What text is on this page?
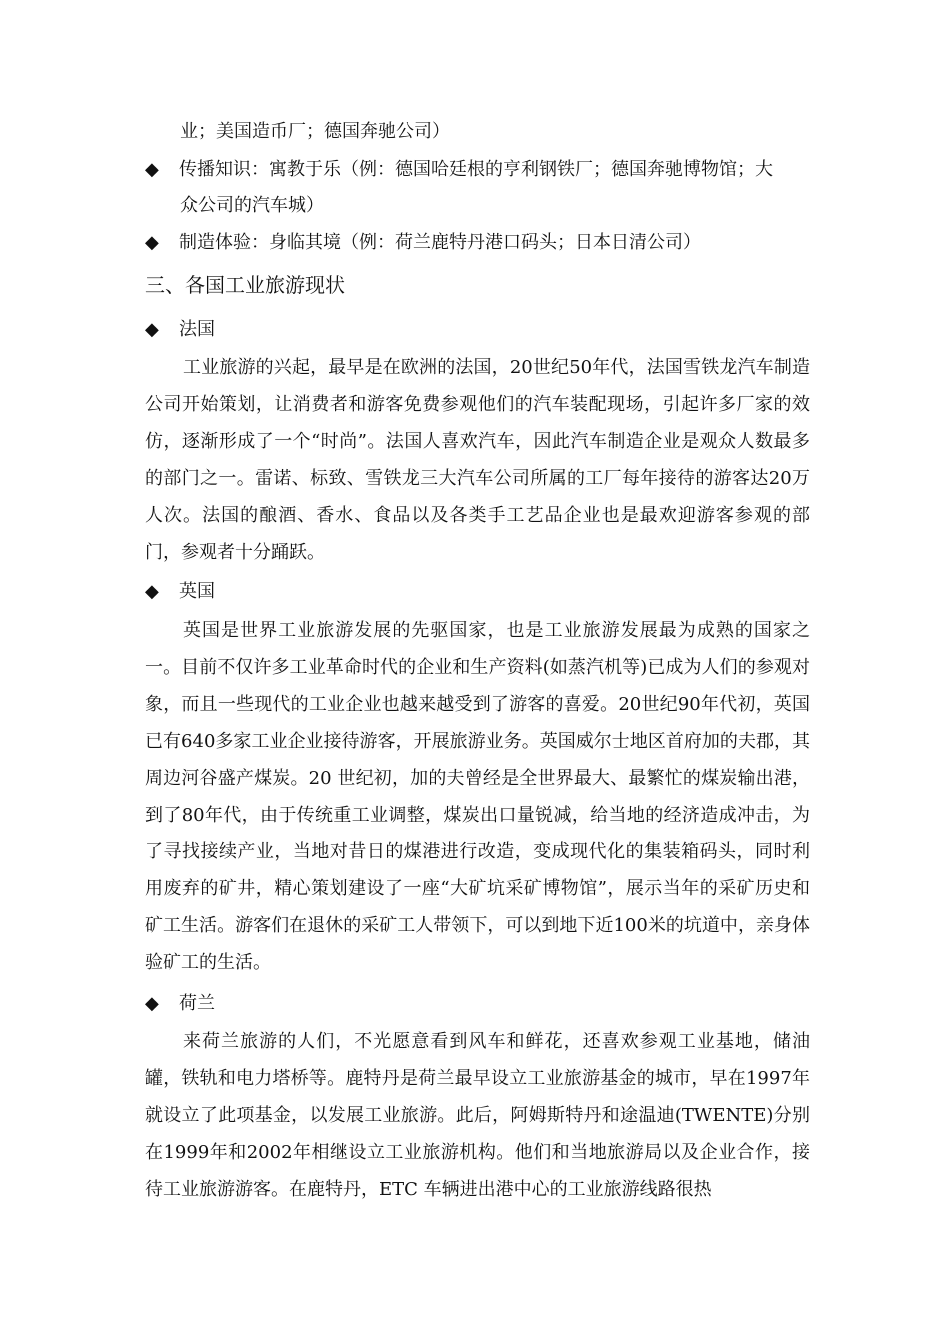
业；美国造币厂；德国奔驰公司）
◆ 传播知识：寓教于乐（例：德国哈廷根的亨利钢铁厂；德国奔驰博物馆；大
众公司的汽车城）
◆ 制造体验：身临其境（例：荷兰鹿特丹港口码头；日本日清公司）
三、各国工业旅游现状
◆ 法国

工业旅游的兴起，最早是在欧洲的法国，20世纪50年代，法国雪铁龙汽车制造公司开始策划，让消费者和游客免费参观他们的汽车装配现场，引起许多厂家的效仿，逐渐形成了一个“时尚”。法国人喜欢汽车，因此汽车制造企业是观众人数最多的部门之一。雷诺、标致、雪铁龙三大汽车公司所属的工厂每年接待的游客达20万人次。法国的酿酒、香水、食品以及各类手工艺品企业也是最欢迎游客参观的部门，参观者十分踊跃。

◆ 英国

英国是世界工业旅游发展的先驱国家，也是工业旅游发展最为成熟的国家之一。目前不仅许多工业革命时代的企业和生产资料(如蒸汽机等)已成为人们的参观对象，而且一些现代的工业企业也越来越受到了游客的喜爱。20世纪90年代初，英国已有640多家工业企业接待游客，开展旅游业务。英国威尔士地区首府加的夫郡，其周边河谷盛产煤炭。20 世纪初，加的夫曾经是全世界最大、最繁忙的煤炭输出港，到了80年代，由于传统重工业调整，煤炭出口量锐减，给当地的经济造成冲击，为了寻找接续产业，当地对昔日的煤港进行改造，变成现代化的集装箱码头，同时利用废弃的矿井，精心策划建设了一座“大矿坑采矿博物馆”，展示当年的采矿历史和矿工生活。游客们在退休的采矿工人带领下，可以到地下近100米的坑道中，亲身体验矿工的生活。

◆ 荷兰

来荷兰旅游的人们，不光愿意看到风车和鲜花，还喜欢参观工业基地，储油罐，铁轨和电力塔桥等。鹿特丹是荷兰最早设立工业旅游基金的城市，早在1997年就设立了此项基金，以发展工业旅游。此后，阿姆斯特丹和途温迪(TWENTE)分别在1999年和2002年相继设立工业旅游机构。他们和当地旅游局以及企业合作，接待工业旅游游客。在鹿特丹，ETC 车辆进出港中心的工业旅游线路很热
